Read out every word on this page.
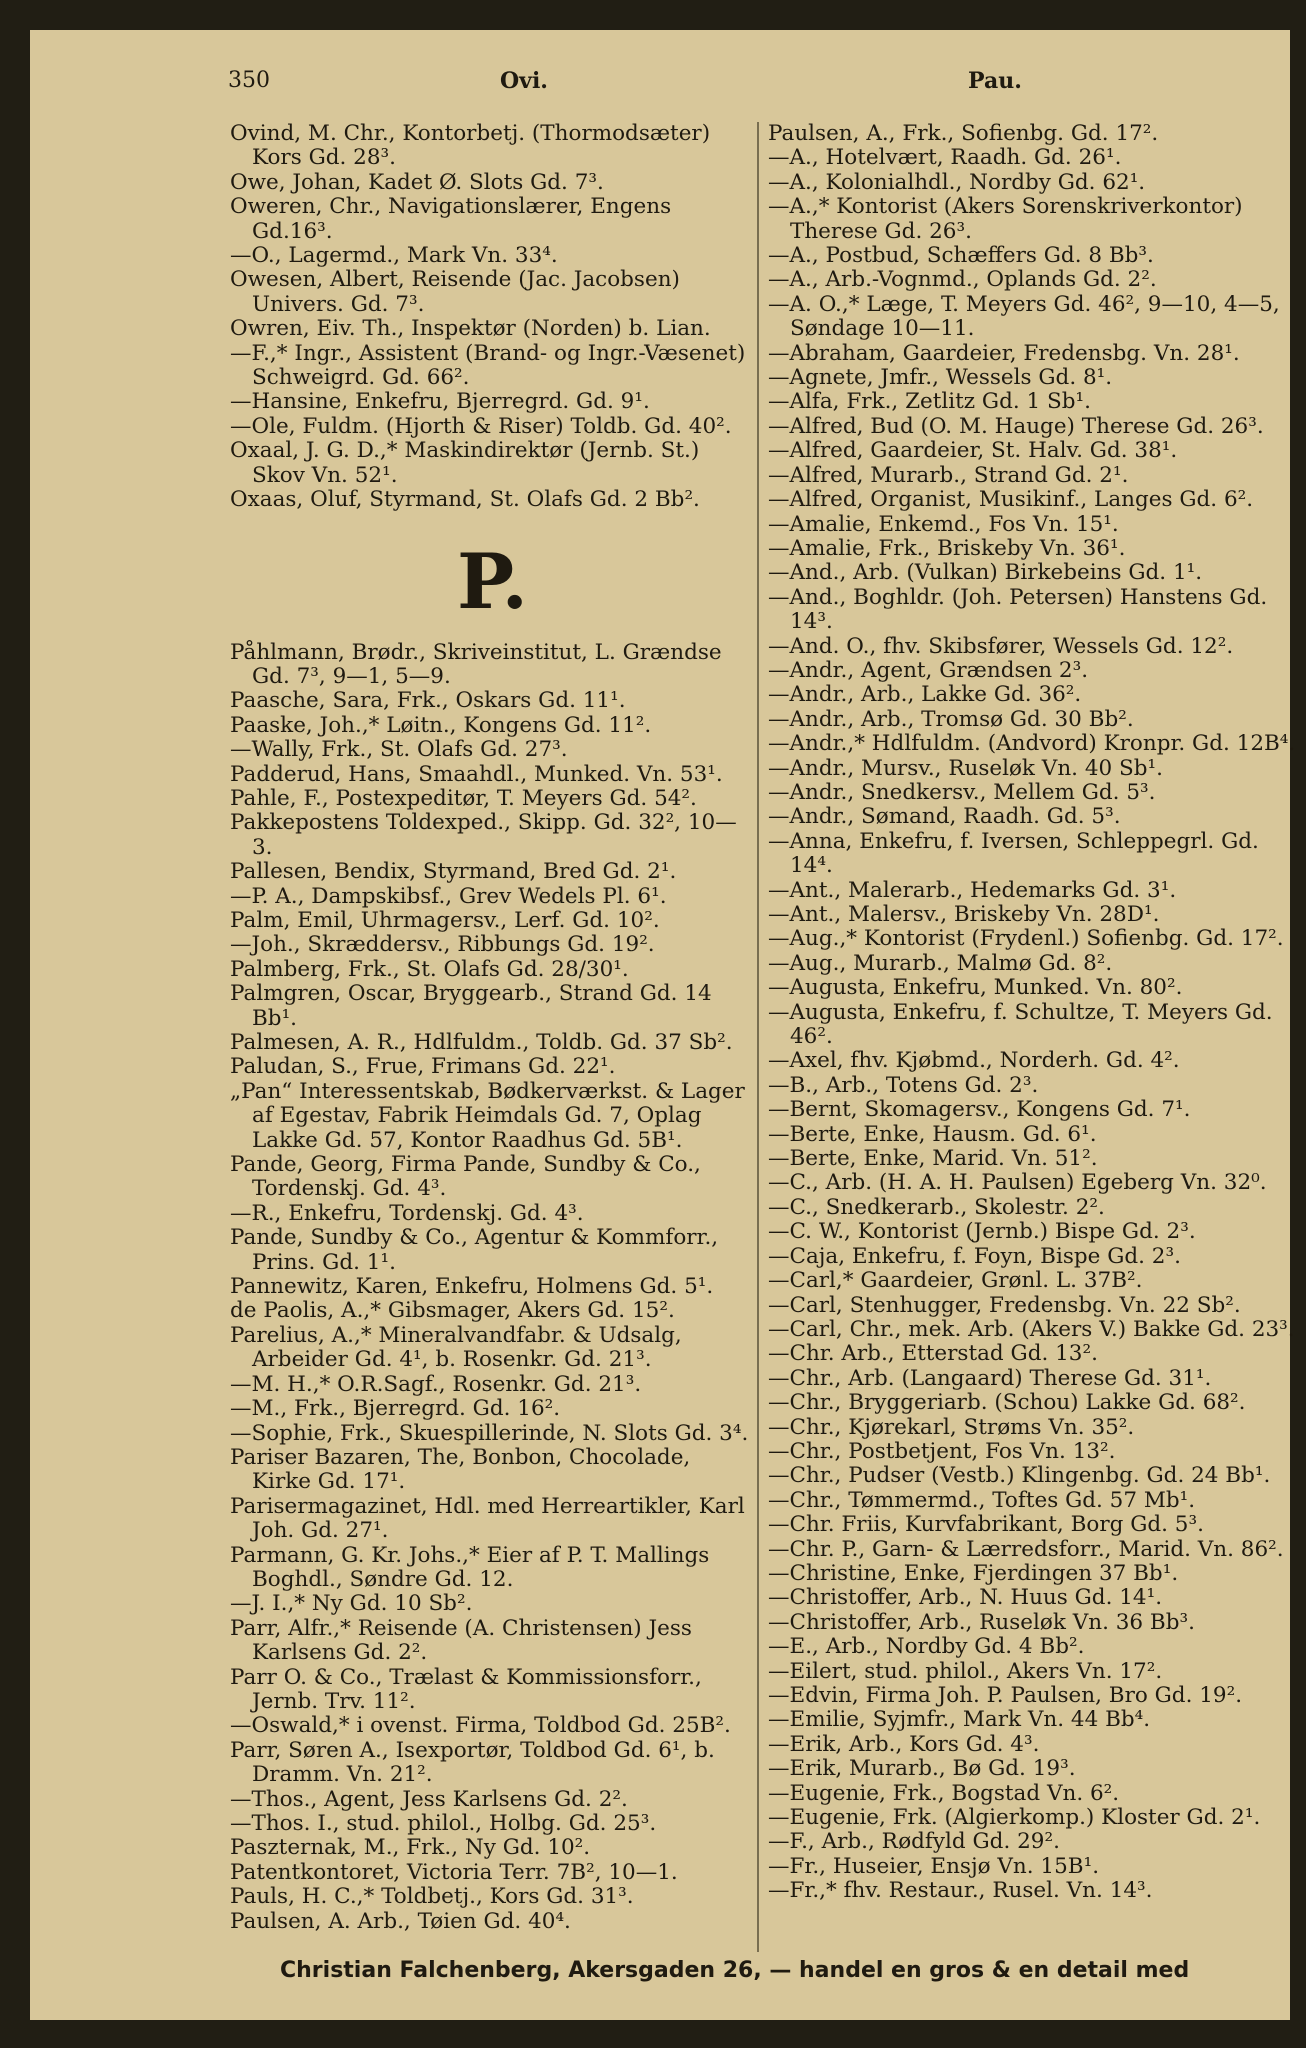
350	Ovi.	Pau.

Ovind, M. Chr., Kontorbetj. (Thormodsæter) Kors Gd. 28³.

Owe, Johan, Kadet Ø. Slots Gd. 7³.

Oweren, Chr., Navigationslærer, Engens Gd.16³.

—O., Lagermd., Mark Vn. 33⁴.

Owesen, Albert, Reisende (Jac. Jacobsen) Univers. Gd. 7³.

Owren, Eiv. Th., Inspektør (Norden) b. Lian.

—F.,* Ingr., Assistent (Brand- og Ingr.-Væsenet) Schweigrd. Gd. 66².

—Hansine, Enkefru, Bjerregrd. Gd. 9¹.

—Ole, Fuldm. (Hjorth & Riser) Toldb. Gd. 40².

Oxaal, J. G. D.,* Maskindirektør (Jernb. St.) Skov Vn. 52¹.

Oxaas, Oluf, Styrmand, St. Olafs Gd. 2 Bb².

P.

Påhlmann, Brødr., Skriveinstitut, L. Grændse Gd. 7³, 9—1, 5—9.

Paasche, Sara, Frk., Oskars Gd. 11¹.

Paaske, Joh.,* Løitn., Kongens Gd. 11².

—Wally, Frk., St. Olafs Gd. 27³.

Padderud, Hans, Smaahdl., Munked. Vn. 53¹.

Pahle, F., Postexpeditør, T. Meyers Gd. 54².

Pakkepostens Toldexped., Skipp. Gd. 32², 10—3.

Pallesen, Bendix, Styrmand, Bred Gd. 2¹.

—P. A., Dampskibsf., Grev Wedels Pl. 6¹.

Palm, Emil, Uhrmagersv., Lerf. Gd. 10².

—Joh., Skræddersv., Ribbungs Gd. 19².

Palmberg, Frk., St. Olafs Gd. 28/30¹.

Palmgren, Oscar, Bryggearb., Strand Gd. 14 Bb¹.

Palmesen, A. R., Hdlfuldm., Toldb. Gd. 37 Sb².

Paludan, S., Frue, Frimans Gd. 22¹.

„Pan“ Interessentskab, Bødkerværkst. & Lager af Egestav, Fabrik Heimdals Gd. 7, Oplag Lakke Gd. 57, Kontor Raadhus Gd. 5B¹.

Pande, Georg, Firma Pande, Sundby & Co., Tordenskj. Gd. 4³.

—R., Enkefru, Tordenskj. Gd. 4³.

Pande, Sundby & Co., Agentur & Kommforr., Prins. Gd. 1¹.

Pannewitz, Karen, Enkefru, Holmens Gd. 5¹.

de Paolis, A.,* Gibsmager, Akers Gd. 15².

Parelius, A.,* Mineralvandfabr. & Udsalg, Arbeider Gd. 4¹, b. Rosenkr. Gd. 21³.

—M. H.,* O.R.Sagf., Rosenkr. Gd. 21³.

—M., Frk., Bjerregrd. Gd. 16².

—Sophie, Frk., Skuespillerinde, N. Slots Gd. 3⁴.

Pariser Bazaren, The, Bonbon, Chocolade, Kirke Gd. 17¹.

Parisermagazinet, Hdl. med Herreartikler, Karl Joh. Gd. 27¹.

Parmann, G. Kr. Johs.,* Eier af P. T. Mallings Boghdl., Søndre Gd. 12.

—J. I.,* Ny Gd. 10 Sb².

Parr, Alfr.,* Reisende (A. Christensen) Jess Karlsens Gd. 2².

Parr O. & Co., Trælast & Kommissionsforr., Jernb. Trv. 11².

—Oswald,* i ovenst. Firma, Toldbod Gd. 25B².

Parr, Søren A., Isexportør, Toldbod Gd. 6¹, b. Dramm. Vn. 21².

—Thos., Agent, Jess Karlsens Gd. 2².

—Thos. I., stud. philol., Holbg. Gd. 25³.

Paszternak, M., Frk., Ny Gd. 10².

Patentkontoret, Victoria Terr. 7B², 10—1.

Pauls, H. C.,* Toldbetj., Kors Gd. 31³.

Paulsen, A. Arb., Tøien Gd. 40⁴.

Paulsen, A., Frk., Sofienbg. Gd. 17².

—A., Hotelvært, Raadh. Gd. 26¹.

—A., Kolonialhdl., Nordby Gd. 62¹.

—A.,* Kontorist (Akers Sorenskriverkontor) Therese Gd. 26³.

—A., Postbud, Schæffers Gd. 8 Bb³.

—A., Arb.-Vognmd., Oplands Gd. 2².

—A. O.,* Læge, T. Meyers Gd. 46², 9—10, 4—5, Søndage 10—11.

—Abraham, Gaardeier, Fredensbg. Vn. 28¹.

—Agnete, Jmfr., Wessels Gd. 8¹.

—Alfa, Frk., Zetlitz Gd. 1 Sb¹.

—Alfred, Bud (O. M. Hauge) Therese Gd. 26³.

—Alfred, Gaardeier, St. Halv. Gd. 38¹.

—Alfred, Murarb., Strand Gd. 2¹.

—Alfred, Organist, Musikinf., Langes Gd. 6².

—Amalie, Enkemd., Fos Vn. 15¹.

—Amalie, Frk., Briskeby Vn. 36¹.

—And., Arb. (Vulkan) Birkebeins Gd. 1¹.

—And., Boghldr. (Joh. Petersen) Hanstens Gd. 14³.

—And. O., fhv. Skibsfører, Wessels Gd. 12².

—Andr., Agent, Grændsen 2³.

—Andr., Arb., Lakke Gd. 36².

—Andr., Arb., Tromsø Gd. 30 Bb².

—Andr.,* Hdlfuldm. (Andvord) Kronpr. Gd. 12B⁴.

—Andr., Mursv., Ruseløk Vn. 40 Sb¹.

—Andr., Snedkersv., Mellem Gd. 5³.

—Andr., Sømand, Raadh. Gd. 5³.

—Anna, Enkefru, f. Iversen, Schleppegrl. Gd. 14⁴.

—Ant., Malerarb., Hedemarks Gd. 3¹.

—Ant., Malersv., Briskeby Vn. 28D¹.

—Aug.,* Kontorist (Frydenl.) Sofienbg. Gd. 17².

—Aug., Murarb., Malmø Gd. 8².

—Augusta, Enkefru, Munked. Vn. 80².

—Augusta, Enkefru, f. Schultze, T. Meyers Gd. 46².

—Axel, fhv. Kjøbmd., Norderh. Gd. 4².

—B., Arb., Totens Gd. 2³.

—Bernt, Skomagersv., Kongens Gd. 7¹.

—Berte, Enke, Hausm. Gd. 6¹.

—Berte, Enke, Marid. Vn. 51².

—C., Arb. (H. A. H. Paulsen) Egeberg Vn. 32⁰.

—C., Snedkerarb., Skolestr. 2².

—C. W., Kontorist (Jernb.) Bispe Gd. 2³.

—Caja, Enkefru, f. Foyn, Bispe Gd. 2³.

—Carl,* Gaardeier, Grønl. L. 37B².

—Carl, Stenhugger, Fredensbg. Vn. 22 Sb².

—Carl, Chr., mek. Arb. (Akers V.) Bakke Gd. 23³.

—Chr. Arb., Etterstad Gd. 13².

—Chr., Arb. (Langaard) Therese Gd. 31¹.

—Chr., Bryggeriarb. (Schou) Lakke Gd. 68².

—Chr., Kjørekarl, Strøms Vn. 35².

—Chr., Postbetjent, Fos Vn. 13².

—Chr., Pudser (Vestb.) Klingenbg. Gd. 24 Bb¹.

—Chr., Tømmermd., Toftes Gd. 57 Mb¹.

—Chr. Friis, Kurvfabrikant, Borg Gd. 5³.

—Chr. P., Garn- & Lærredsforr., Marid. Vn. 86².

—Christine, Enke, Fjerdingen 37 Bb¹.

—Christoffer, Arb., N. Huus Gd. 14¹.

—Christoffer, Arb., Ruseløk Vn. 36 Bb³.

—E., Arb., Nordby Gd. 4 Bb².

—Eilert, stud. philol., Akers Vn. 17².

—Edvin, Firma Joh. P. Paulsen, Bro Gd. 19².

—Emilie, Syjmfr., Mark Vn. 44 Bb⁴.

—Erik, Arb., Kors Gd. 4³.

—Erik, Murarb., Bø Gd. 19³.

—Eugenie, Frk., Bogstad Vn. 6².

—Eugenie, Frk. (Algierkomp.) Kloster Gd. 2¹.

—F., Arb., Rødfyld Gd. 29².

—Fr., Huseier, Ensjø Vn. 15B¹.

—Fr.,* fhv. Restaur., Rusel. Vn. 14³.

Christian Falchenberg, Akersgaden 26, — handel en gros & en detail med
